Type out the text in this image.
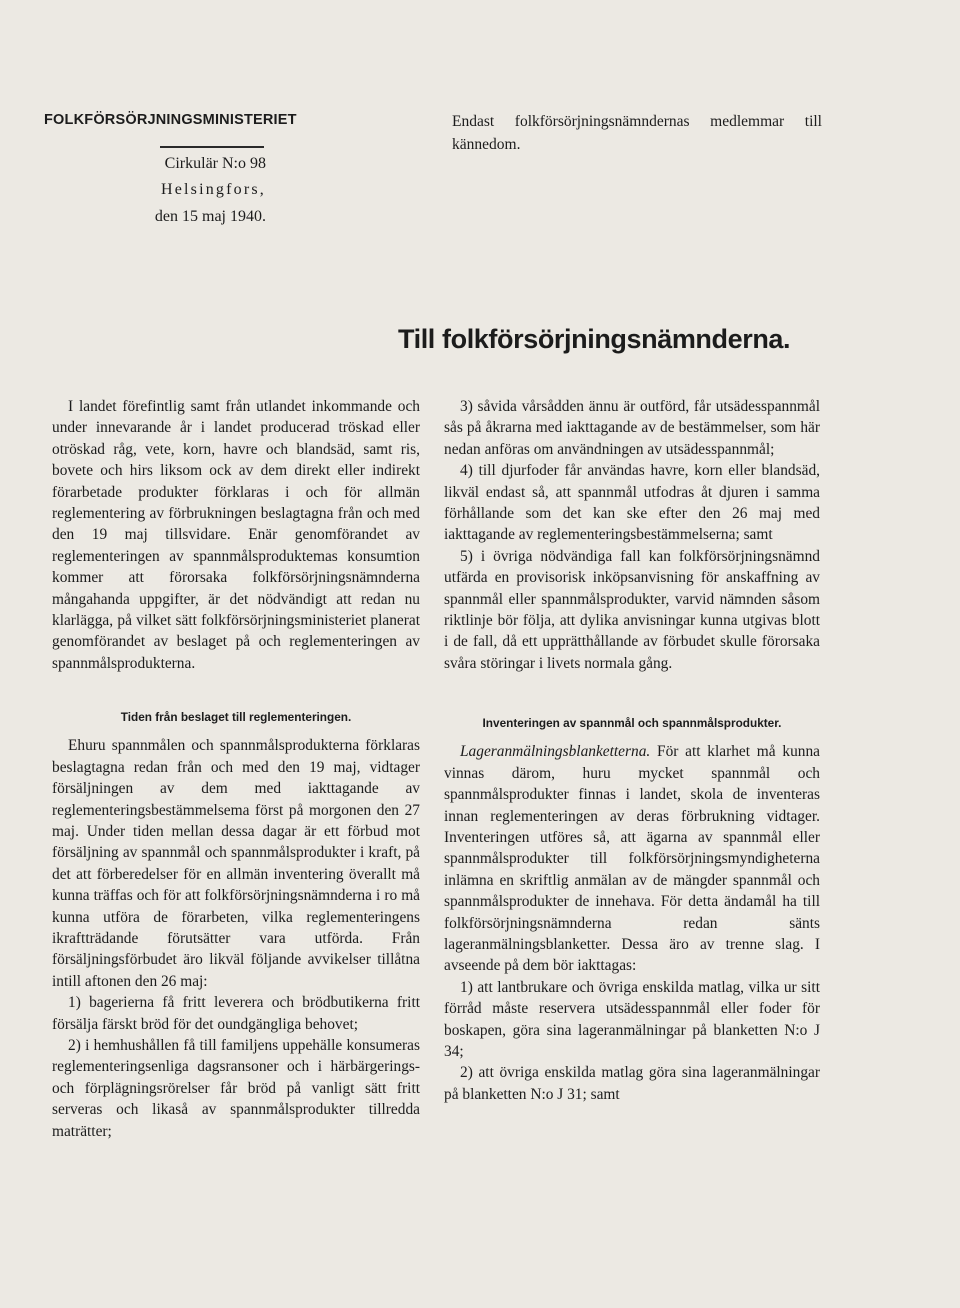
FOLKFÖRSÖRJNINGSMINISTERIET

Cirkulär N:o 98

Helsingfors,

den 15 maj 1940.

Endast folkförsörjningsnämndernas medlemmar till kännedom.

Till folkförsörjningsnämnderna.

I landet förefintlig samt från utlandet inkommande och under innevarande år i landet producerad tröskad eller otröskad råg, vete, korn, havre och blandsäd, samt ris, bovete och hirs liksom ock av dem direkt eller indirekt förarbetade produkter förklaras i och för allmän reglementering av förbrukningen beslagtagna från och med den 19 maj tillsvidare. Enär genomförandet av reglementeringen av spannmålsproduktemas konsumtion kommer att förorsaka folkförsörjningsnämnderna mångahanda uppgifter, är det nödvändigt att redan nu klarlägga, på vilket sätt folkförsörjningsministeriet planerat genomförandet av beslaget på och reglementeringen av spannmålsprodukterna.

Tiden från beslaget till reglementeringen.

Ehuru spannmålen och spannmålsprodukterna förklaras beslagtagna redan från och med den 19 maj, vidtager försäljningen av dem med iakttagande av reglementeringsbestämmelsema först på morgonen den 27 maj. Under tiden mellan dessa dagar är ett förbud mot försäljning av spannmål och spannmålsprodukter i kraft, på det att förberedelser för en allmän inventering överallt må kunna träffas och för att folkförsörjningsnämnderna i ro må kunna utföra de förarbeten, vilka reglementeringens ikraftträdande förutsätter vara utförda. Från försäljningsförbudet äro likväl följande avvikelser tillåtna intill aftonen den 26 maj:

1) bagerierna få fritt leverera och brödbutikerna fritt försälja färskt bröd för det oundgängliga behovet;

2) i hemhushållen få till familjens uppehälle konsumeras reglementeringsenliga dagsransoner och i härbärgerings- och förplägningsrörelser får bröd på vanligt sätt fritt serveras och likaså av spannmålsprodukter tillredda maträtter;

3) såvida vårsådden ännu är outförd, får utsädesspannmål sås på åkrarna med iakttagande av de bestämmelser, som här nedan anföras om användningen av utsädesspannmål;

4) till djurfoder får användas havre, korn eller blandsäd, likväl endast så, att spannmål utfodras åt djuren i samma förhållande som det kan ske efter den 26 maj med iakttagande av reglementeringsbestämmelserna; samt

5) i övriga nödvändiga fall kan folkförsörjningsnämnd utfärda en provisorisk inköpsanvisning för anskaffning av spannmål eller spannmålsprodukter, varvid nämnden såsom riktlinje bör följa, att dylika anvisningar kunna utgivas blott i de fall, då ett upprätthållande av förbudet skulle förorsaka svåra störingar i livets normala gång.

Inventeringen av spannmål och spannmålsprodukter.

Lageranmälningsblanketterna. För att klarhet må kunna vinnas därom, huru mycket spannmål och spannmålsprodukter finnas i landet, skola de inventeras innan reglementeringen av deras förbrukning vidtager. Inventeringen utföres så, att ägarna av spannmål eller spannmålsprodukter till folkförsörjningsmyndigheterna inlämna en skriftlig anmälan av de mängder spannmål och spannmålsprodukter de innehava. För detta ändamål ha till folkförsörjningsnämnderna redan sänts lageranmälningsblanketter. Dessa äro av trenne slag. I avseende på dem bör iakttagas:

1) att lantbrukare och övriga enskilda matlag, vilka ur sitt förråd måste reservera utsädesspannmål eller foder för boskapen, göra sina lageranmälningar på blanketten N:o J 34;

2) att övriga enskilda matlag göra sina lageranmälningar på blanketten N:o J 31; samt
